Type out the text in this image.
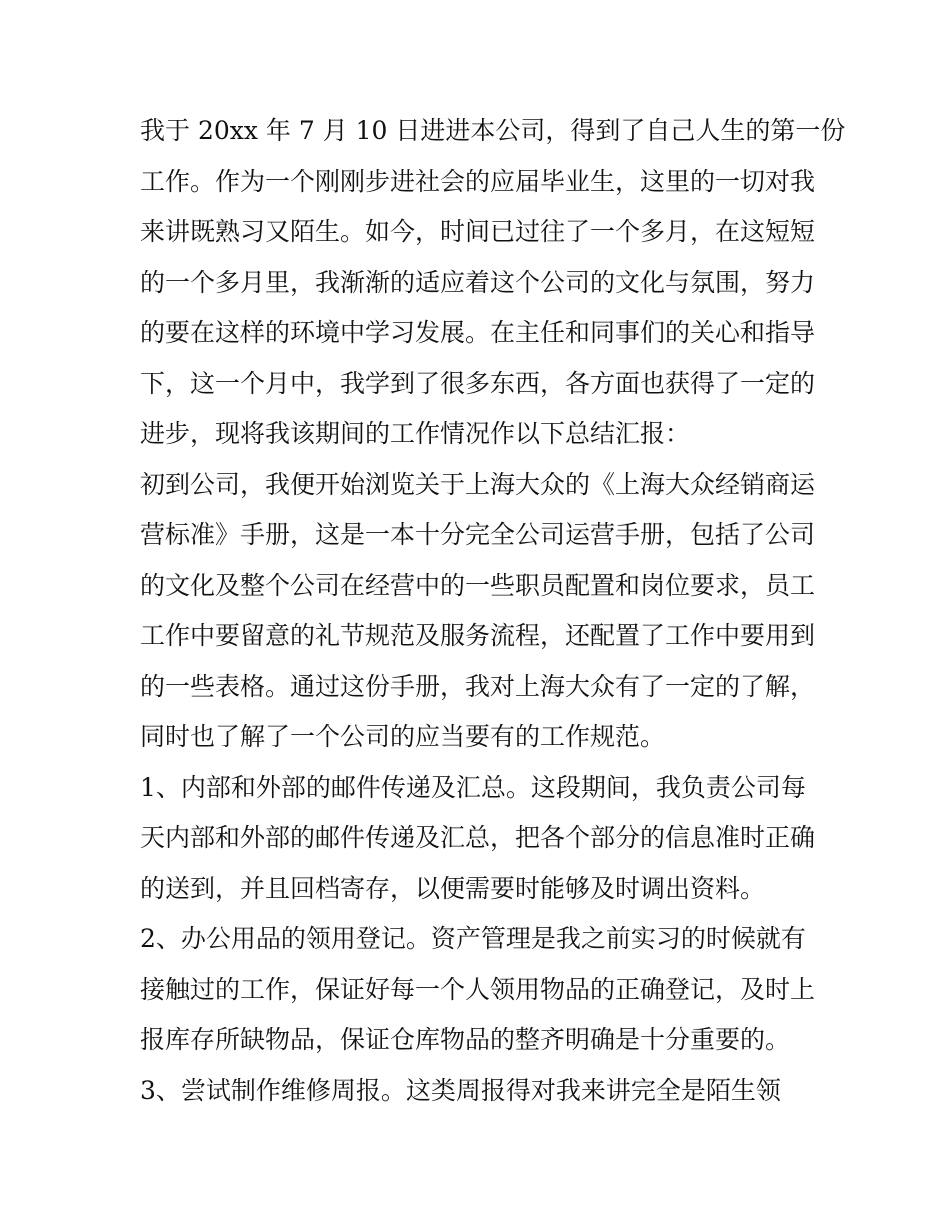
我于 20xx 年 7 月 10 日进进本公司，得到了自己人生的第一份
工作。作为一个刚刚步进社会的应届毕业生，这里的一切对我
来讲既熟习又陌生。如今，时间已过往了一个多月，在这短短
的一个多月里，我渐渐的适应着这个公司的文化与氛围，努力
的要在这样的环境中学习发展。在主任和同事们的关心和指导
下，这一个月中，我学到了很多东西，各方面也获得了一定的
进步，现将我该期间的工作情况作以下总结汇报：
初到公司，我便开始浏览关于上海大众的《上海大众经销商运
营标准》手册，这是一本十分完全公司运营手册，包括了公司
的文化及整个公司在经营中的一些职员配置和岗位要求，员工
工作中要留意的礼节规范及服务流程，还配置了工作中要用到
的一些表格。通过这份手册，我对上海大众有了一定的了解，
同时也了解了一个公司的应当要有的工作规范。
1、内部和外部的邮件传递及汇总。这段期间，我负责公司每
天内部和外部的邮件传递及汇总，把各个部分的信息准时正确
的送到，并且回档寄存，以便需要时能够及时调出资料。
2、办公用品的领用登记。资产管理是我之前实习的时候就有
接触过的工作，保证好每一个人领用物品的正确登记，及时上
报库存所缺物品，保证仓库物品的整齐明确是十分重要的。
3、尝试制作维修周报。这类周报得对我来讲完全是陌生领
